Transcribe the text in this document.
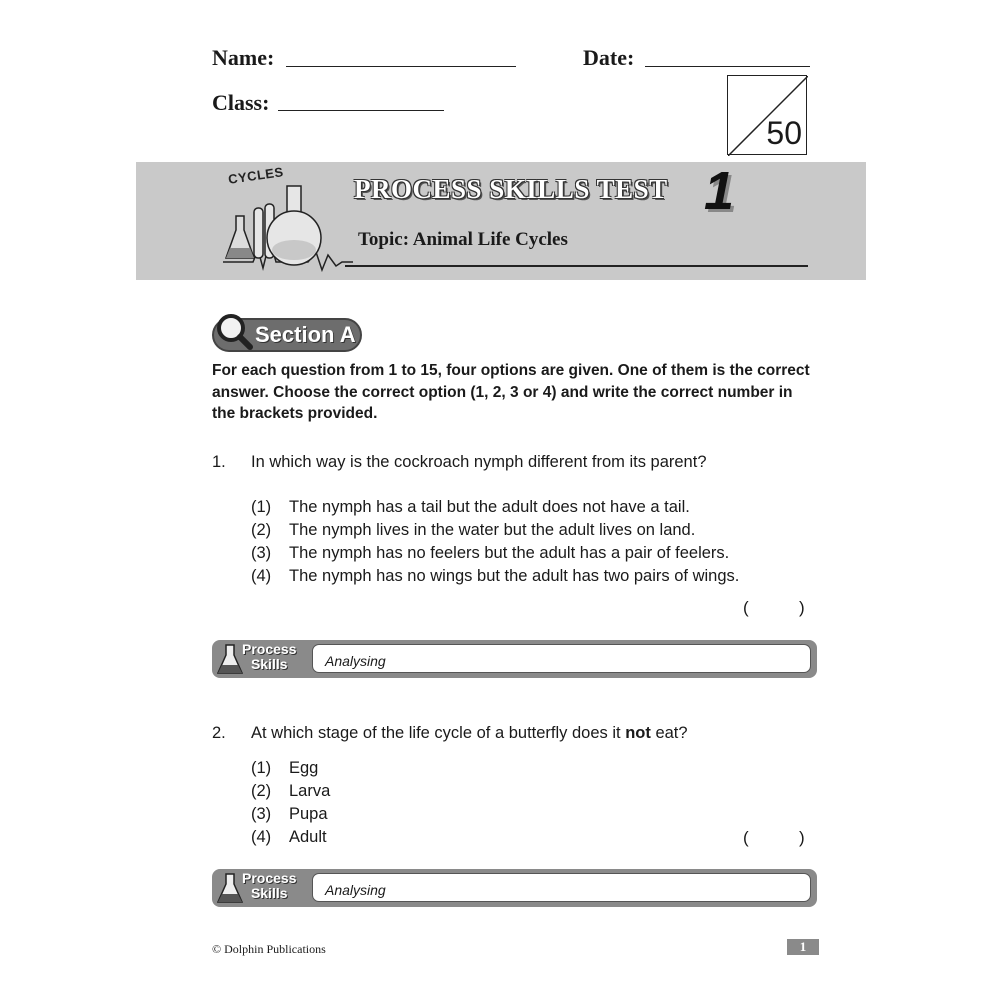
Name:	Date:
Class:
50
CYCLES	PROCESS SKILLS TEST 1
Topic: Animal Life Cycles
Section A
For each question from 1 to 15, four options are given. One of them is the correct answer. Choose the correct option (1, 2, 3 or 4) and write the correct number in the brackets provided.
1. In which way is the cockroach nymph different from its parent?
(1) The nymph has a tail but the adult does not have a tail.
(2) The nymph lives in the water but the adult lives on land.
(3) The nymph has no feelers but the adult has a pair of feelers.
(4) The nymph has no wings but the adult has two pairs of wings.
(	)
Process
Skills	Analysing
2. At which stage of the life cycle of a butterfly does it not eat?
(1) Egg
(2) Larva
(3) Pupa
(4) Adult	(	)
Process
Skills	Analysing
© Dolphin Publications	1
